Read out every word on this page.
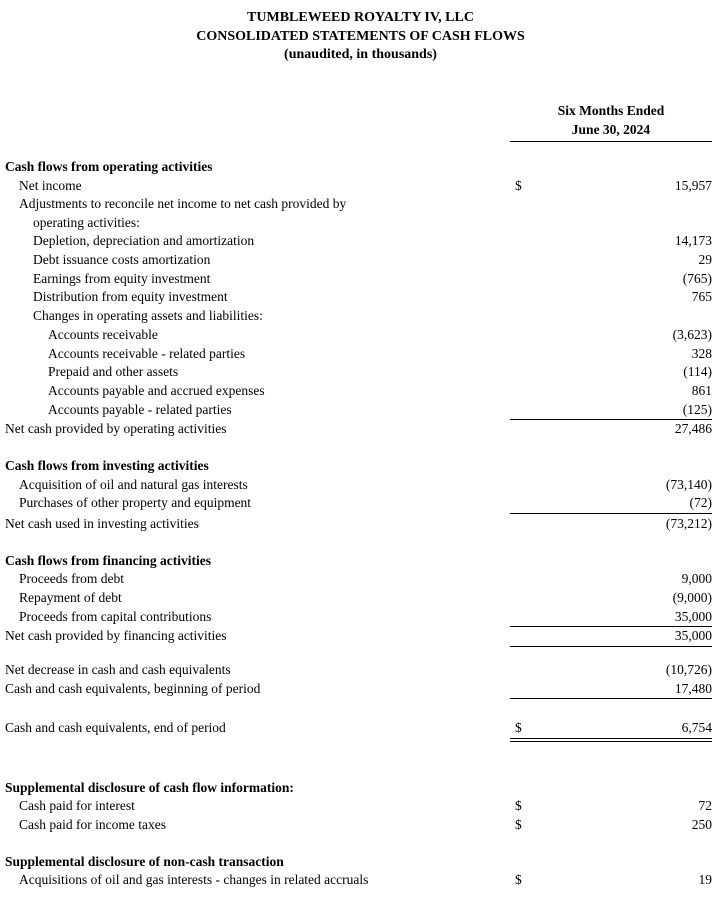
TUMBLEWEED ROYALTY IV, LLC
CONSOLIDATED STATEMENTS OF CASH FLOWS
(unaudited, in thousands)
Six Months Ended
June 30, 2024
Cash flows from operating activities
Net income	$	15,957
Adjustments to reconcile net income to net cash provided by
operating activities:
Depletion, depreciation and amortization	14,173
Debt issuance costs amortization	29
Earnings from equity investment	(765)
Distribution from equity investment	765
Changes in operating assets and liabilities:
Accounts receivable	(3,623)
Accounts receivable - related parties	328
Prepaid and other assets	(114)
Accounts payable and accrued expenses	861
Accounts payable - related parties	(125)
Net cash provided by operating activities	27,486
Cash flows from investing activities
Acquisition of oil and natural gas interests	(73,140)
Purchases of other property and equipment	(72)
Net cash used in investing activities	(73,212)
Cash flows from financing activities
Proceeds from debt	9,000
Repayment of debt	(9,000)
Proceeds from capital contributions	35,000
Net cash provided by financing activities	35,000
Net decrease in cash and cash equivalents	(10,726)
Cash and cash equivalents, beginning of period	17,480
Cash and cash equivalents, end of period	$	6,754
Supplemental disclosure of cash flow information:
Cash paid for interest	$	72
Cash paid for income taxes	$	250
Supplemental disclosure of non-cash transaction
Acquisitions of oil and gas interests - changes in related accruals	$	19
